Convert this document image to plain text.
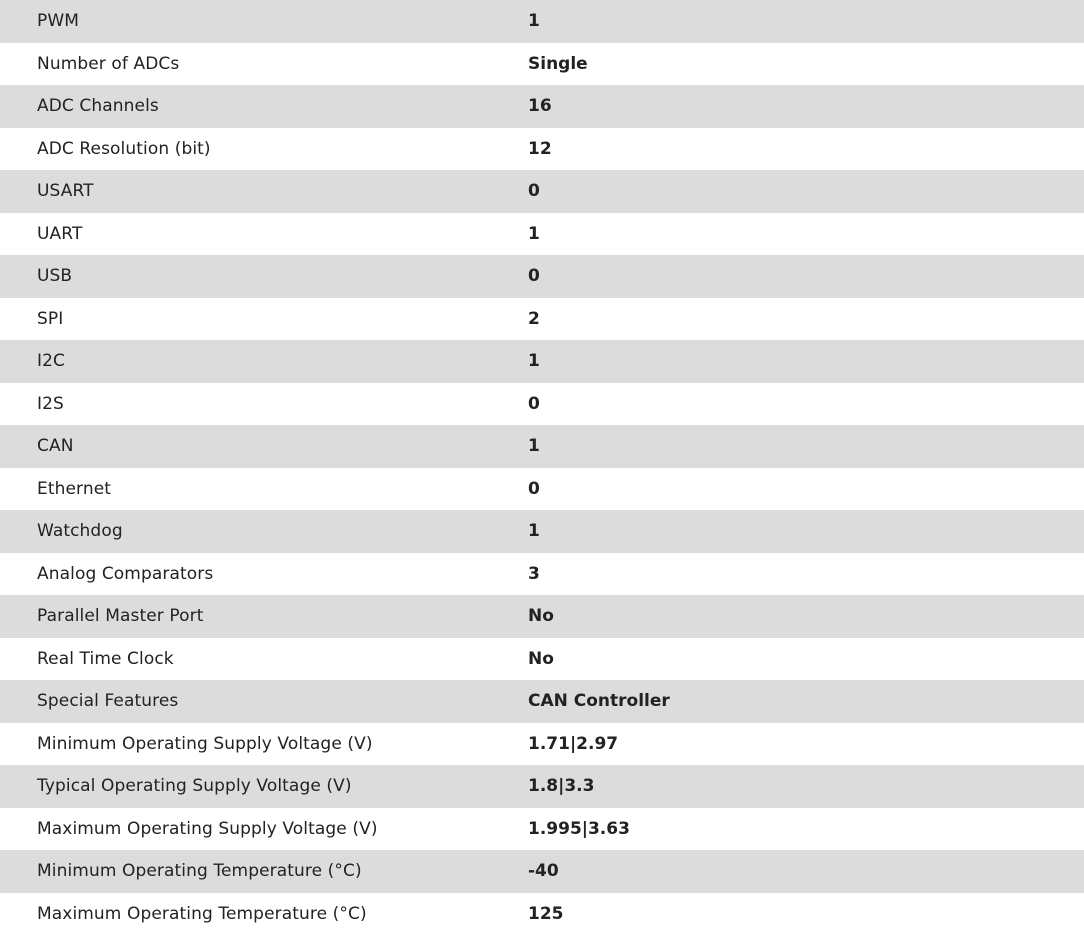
PWM	1
Number of ADCs	Single
ADC Channels	16
ADC Resolution (bit)	12
USART	0
UART	1
USB	0
SPI	2
I2C	1
I2S	0
CAN	1
Ethernet	0
Watchdog	1
Analog Comparators	3
Parallel Master Port	No
Real Time Clock	No
Special Features	CAN Controller
Minimum Operating Supply Voltage (V)	1.71|2.97
Typical Operating Supply Voltage (V)	1.8|3.3
Maximum Operating Supply Voltage (V)	1.995|3.63
Minimum Operating Temperature (°C)	-40
Maximum Operating Temperature (°C)	125
